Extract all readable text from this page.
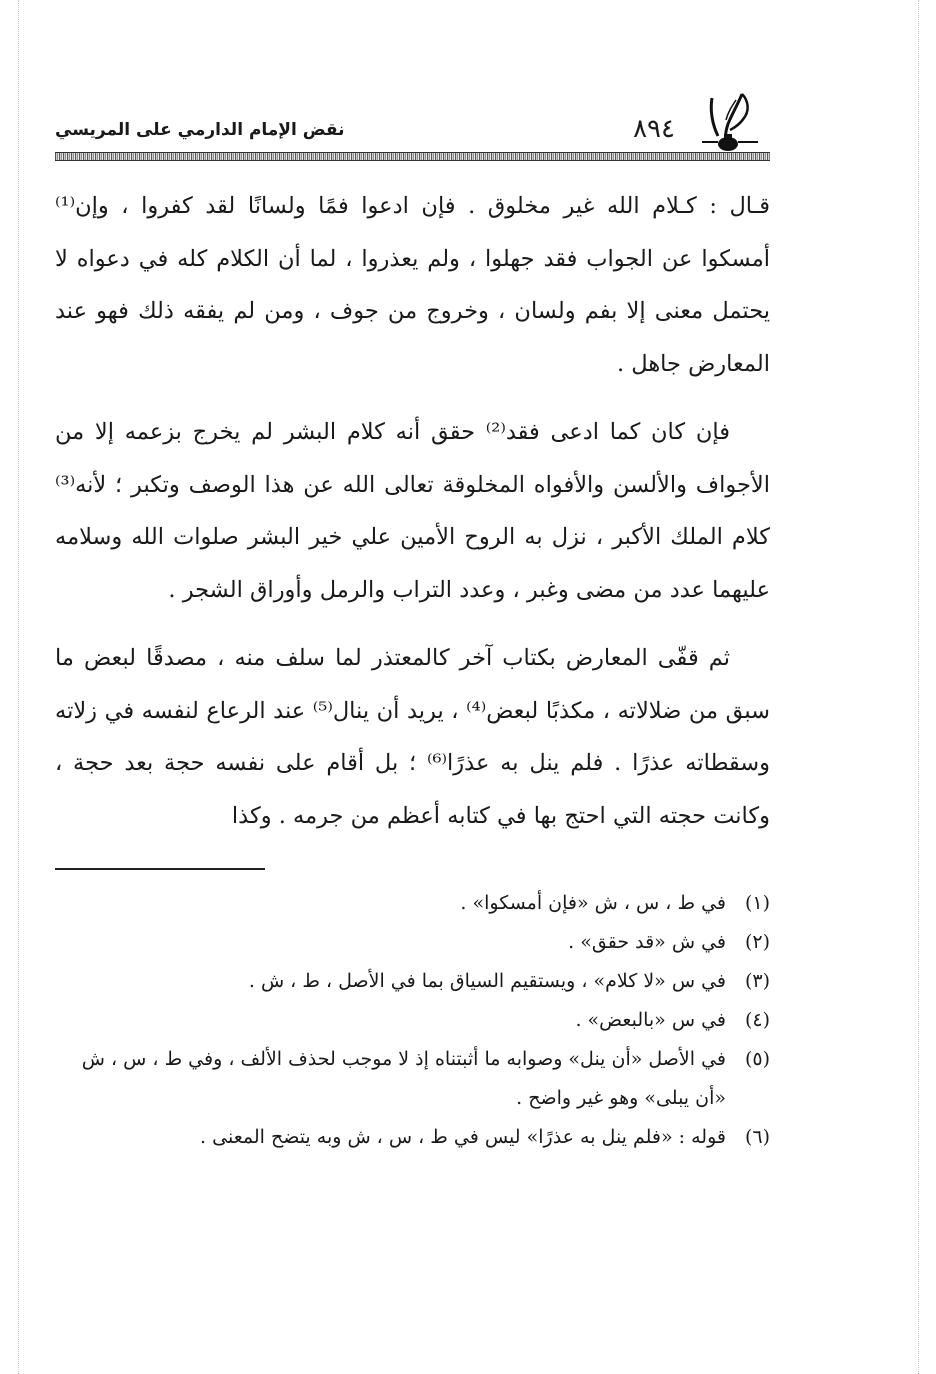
٨٩٤
نقض الإمام الدارمي على المريسي

قـال : كـلام الله غير مخلوق . فإن ادعوا فمًا ولسانًا لقد كفروا ، وإن⁽¹⁾ أمسكوا عن الجواب فقد جهلوا ، ولم يعذروا ، لما أن الكلام كله في دعواه لا يحتمل معنى إلا بفم ولسان ، وخروج من جوف ، ومن لم يفقه ذلك فهو عند المعارض جاهل .

فإن كان كما ادعى فقد⁽²⁾ حقق أنه كلام البشر لم يخرج بزعمه إلا من الأجواف والألسن والأفواه المخلوقة تعالى الله عن هذا الوصف وتكبر ؛ لأنه⁽³⁾ كلام الملك الأكبر ، نزل به الروح الأمين علي خير البشر صلوات الله وسلامه عليهما عدد من مضى وغبر ، وعدد التراب والرمل وأوراق الشجر .

ثم قفّى المعارض بكتاب آخر كالمعتذر لما سلف منه ، مصدقًا لبعض ما سبق من ضلالاته ، مكذبًا لبعض⁽⁴⁾ ، يريد أن ينال⁽⁵⁾ عند الرعاع لنفسه في زلاته وسقطاته عذرًا . فلم ينل به عذرًا⁽⁶⁾ ؛ بل أقام على نفسه حجة بعد حجة ، وكانت حجته التي احتج بها في كتابه أعظم من جرمه . وكذا

(١)
في ط ، س ، ش «فإن أمسكوا» .
(٢)
في ش «قد حقق» .
(٣)
في س «لا كلام» ، ويستقيم السياق بما في الأصل ، ط ، ش .
(٤)
في س «بالبعض» .
(٥)
في الأصل «أن ينل» وصوابه ما أثبتناه إذ لا موجب لحذف الألف ، وفي ط ، س ، ش «أن يبلى» وهو غير واضح .
(٦)
قوله : «فلم ينل به عذرًا» ليس في ط ، س ، ش وبه يتضح المعنى .
